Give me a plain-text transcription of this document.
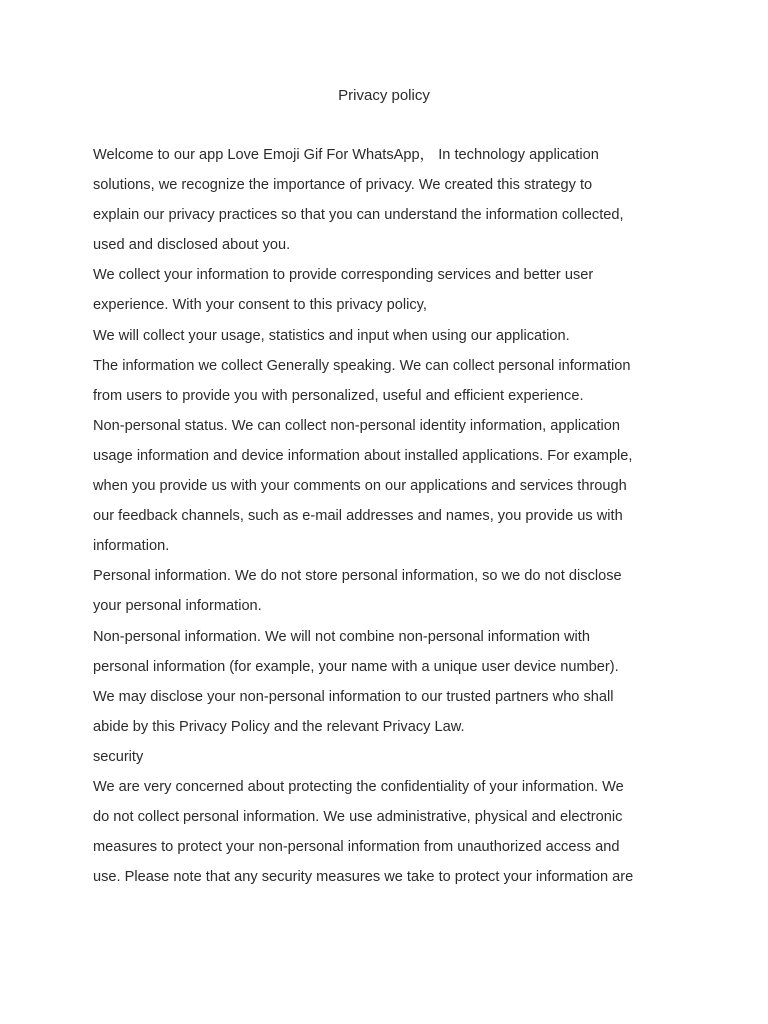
Privacy policy
Welcome to our app Love Emoji Gif For WhatsApp， In technology application
solutions, we recognize the importance of privacy. We created this strategy to
explain our privacy practices so that you can understand the information collected,
used and disclosed about you.
We collect your information to provide corresponding services and better user
experience. With your consent to this privacy policy,
We will collect your usage, statistics and input when using our application.
The information we collect Generally speaking. We can collect personal information
from users to provide you with personalized, useful and efficient experience.
Non-personal status. We can collect non-personal identity information, application
usage information and device information about installed applications. For example,
when you provide us with your comments on our applications and services through
our feedback channels, such as e-mail addresses and names, you provide us with
information.
Personal information. We do not store personal information, so we do not disclose
your personal information.
Non-personal information. We will not combine non-personal information with
personal information (for example, your name with a unique user device number).
We may disclose your non-personal information to our trusted partners who shall
abide by this Privacy Policy and the relevant Privacy Law.
security
We are very concerned about protecting the confidentiality of your information. We
do not collect personal information. We use administrative, physical and electronic
measures to protect your non-personal information from unauthorized access and
use. Please note that any security measures we take to protect your information are
